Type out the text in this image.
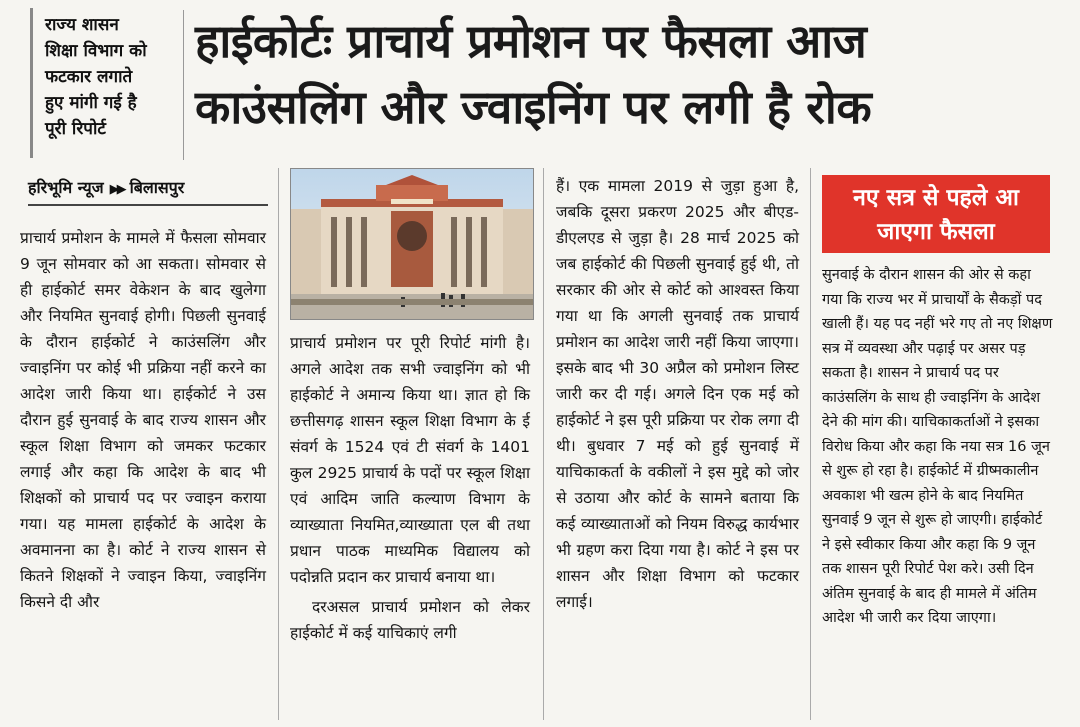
राज्य शासन
शिक्षा विभाग को
फटकार लगाते
हुए मांगी गई है
पूरी रिपोर्ट
हाईकोर्टः प्राचार्य प्रमोशन पर फैसला आज
काउंसलिंग और ज्वाइनिंग पर लगी है रोक
हरिभूमि न्यूज ▶▶ बिलासपुर

प्राचार्य प्रमोशन के मामले में फैसला सोमवार 9 जून सोमवार को आ सकता। सोमवार से ही हाईकोर्ट समर वेकेशन के बाद खुलेगा और नियमित सुनवाई होगी। पिछली सुनवाई के दौरान हाईकोर्ट ने काउंसलिंग और ज्वाइनिंग पर कोई भी प्रक्रिया नहीं करने का आदेश जारी किया था। हाईकोर्ट ने उस दौरान हुई सुनवाई के बाद राज्य शासन और स्कूल शिक्षा विभाग को जमकर फटकार लगाई और कहा कि आदेश के बाद भी शिक्षकों को प्राचार्य पद पर ज्वाइन कराया गया। यह मामला हाईकोर्ट के आदेश के अवमानना का है। कोर्ट ने राज्य शासन से कितने शिक्षकों ने ज्वाइन किया, ज्वाइनिंग किसने दी और

प्राचार्य प्रमोशन पर पूरी रिपोर्ट मांगी है। अगले आदेश तक सभी ज्वाइनिंग को भी हाईकोर्ट ने अमान्य किया था। ज्ञात हो कि छत्तीसगढ़ शासन स्कूल शिक्षा विभाग के ई संवर्ग के 1524 एवं टी संवर्ग के 1401 कुल 2925 प्राचार्य के पदों पर स्कूल शिक्षा एवं आदिम जाति कल्याण विभाग के व्याख्याता नियमित,व्याख्याता एल बी तथा प्रधान पाठक माध्यमिक विद्यालय को पदोन्नति प्रदान कर प्राचार्य बनाया था।

दरअसल प्राचार्य प्रमोशन को लेकर हाईकोर्ट में कई याचिकाएं लगी

हैं। एक मामला 2019 से जुड़ा हुआ है, जबकि दूसरा प्रकरण 2025 और बीएड-डीएलएड से जुड़ा है। 28 मार्च 2025 को जब हाईकोर्ट की पिछली सुनवाई हुई थी, तो सरकार की ओर से कोर्ट को आश्वस्त किया गया था कि अगली सुनवाई तक प्राचार्य प्रमोशन का आदेश जारी नहीं किया जाएगा। इसके बाद भी 30 अप्रैल को प्रमोशन लिस्ट जारी कर दी गई। अगले दिन एक मई को हाईकोर्ट ने इस पूरी प्रक्रिया पर रोक लगा दी थी। बुधवार 7 मई को हुई सुनवाई में याचिकाकर्ता के वकीलों ने इस मुद्दे को जोर से उठाया और कोर्ट के सामने बताया कि कई व्याख्याताओं को नियम विरुद्ध कार्यभार भी ग्रहण करा दिया गया है। कोर्ट ने इस पर शासन और शिक्षा विभाग को फटकार लगाई।

नए सत्र से पहले आ जाएगा फैसला

सुनवाई के दौरान शासन की ओर से कहा गया कि राज्य भर में प्राचार्यों के सैकड़ों पद खाली हैं। यह पद नहीं भरे गए तो नए शिक्षण सत्र में व्यवस्था और पढ़ाई पर असर पड़ सकता है। शासन ने प्राचार्य पद पर काउंसलिंग के साथ ही ज्वाइनिंग के आदेश देने की मांग की। याचिकाकर्ताओं ने इसका विरोध किया और कहा कि नया सत्र 16 जून से शुरू हो रहा है। हाईकोर्ट में ग्रीष्मकालीन अवकाश भी खत्म होने के बाद नियमित सुनवाई 9 जून से शुरू हो जाएगी। हाईकोर्ट ने इसे स्वीकार किया और कहा कि 9 जून तक शासन पूरी रिपोर्ट पेश करे। उसी दिन अंतिम सुनवाई के बाद ही मामले में अंतिम आदेश भी जारी कर दिया जाएगा।
